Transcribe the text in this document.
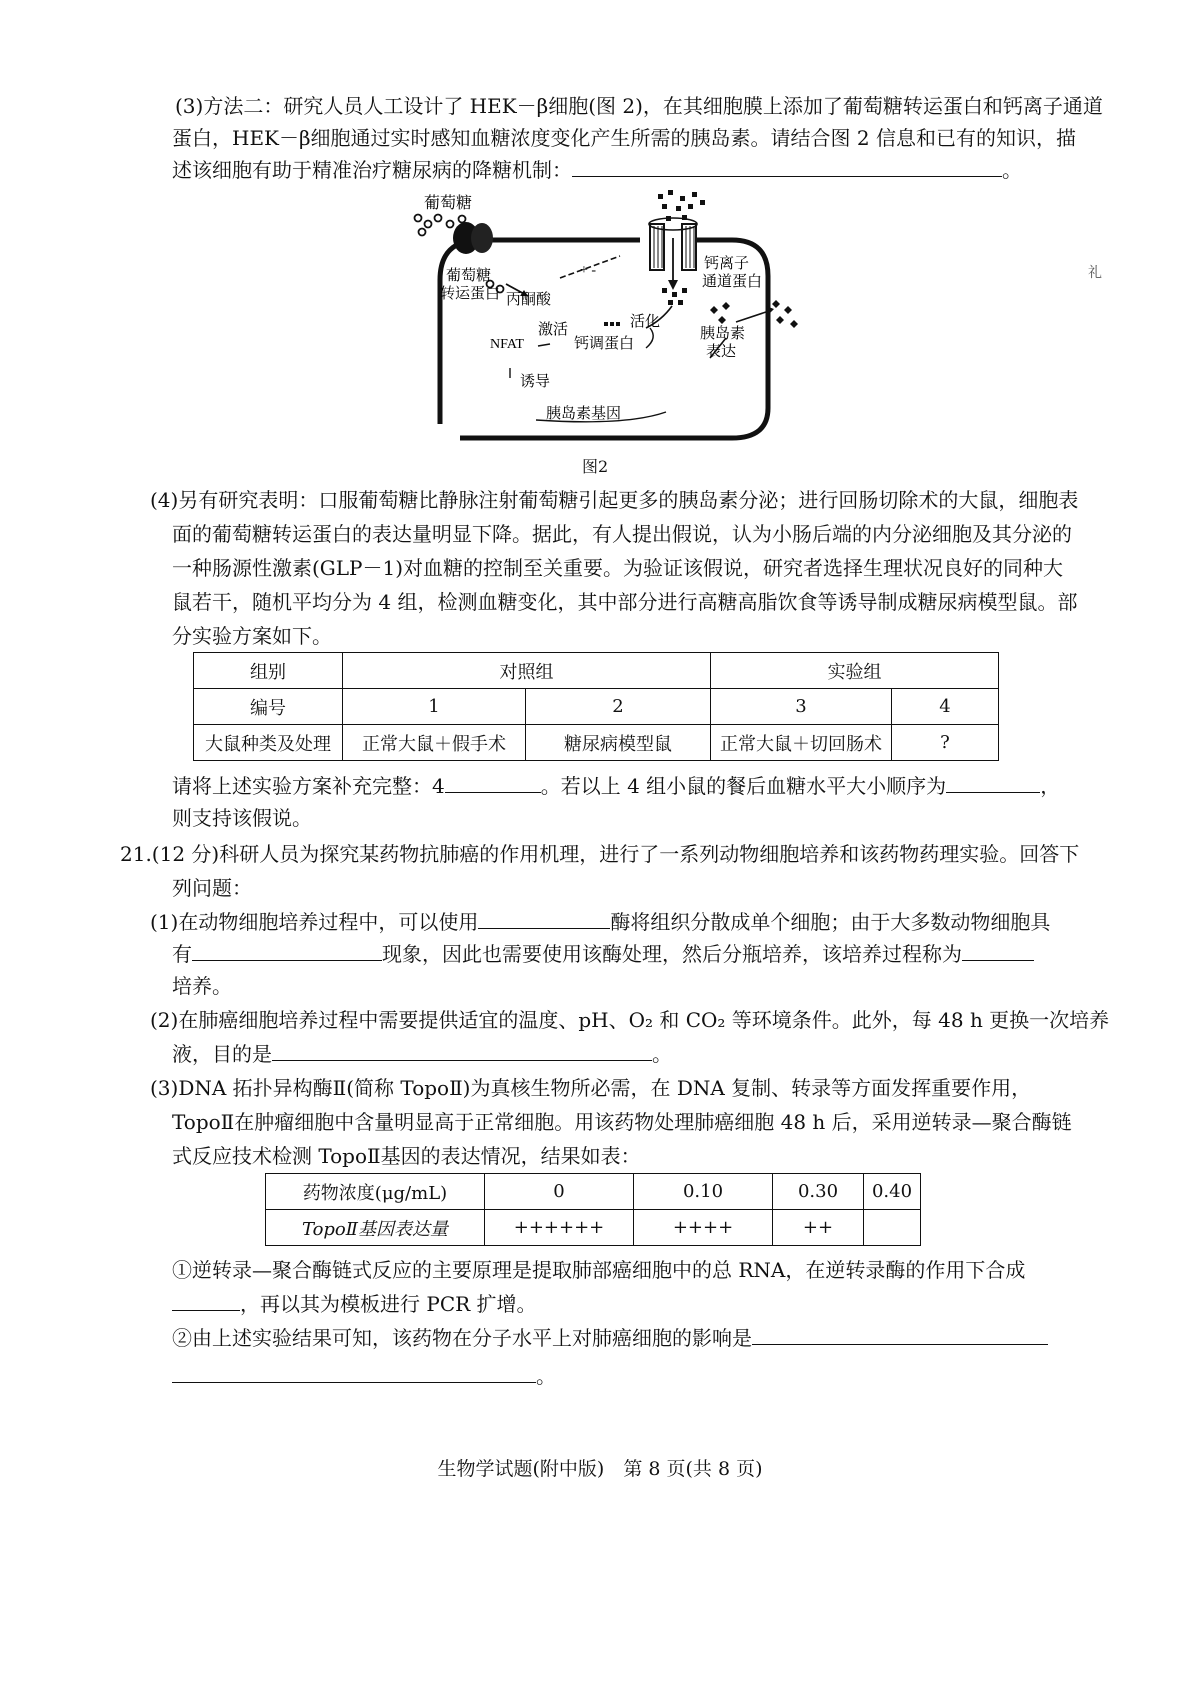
(3)方法二：研究人员人工设计了 HEK－β细胞(图 2)，在其细胞膜上添加了葡萄糖转运蛋白和钙离子通道
蛋白，HEK－β细胞通过实时感知血糖浓度变化产生所需的胰岛素。请结合图 2 信息和已有的知识，描
述该细胞有助于精准治疗糖尿病的降糖机制：	。
葡萄糖
葡萄糖
转运蛋白 丙酮酸
+ -	钙离子
通道蛋白
激活	活化
NFAT	钙调蛋白
胰岛素
表达
诱导
胰岛素基因
图2
礼
(4)另有研究表明：口服葡萄糖比静脉注射葡萄糖引起更多的胰岛素分泌；进行回肠切除术的大鼠，细胞表
面的葡萄糖转运蛋白的表达量明显下降。据此，有人提出假说，认为小肠后端的内分泌细胞及其分泌的
一种肠源性激素(GLP－1)对血糖的控制至关重要。为验证该假说，研究者选择生理状况良好的同种大
鼠若干，随机平均分为 4 组，检测血糖变化，其中部分进行高糖高脂饮食等诱导制成糖尿病模型鼠。部
分实验方案如下。
组别	对照组		实验组	
编号	1	2	3	4
大鼠种类及处理	正常大鼠＋假手术	糖尿病模型鼠	正常大鼠＋切回肠术	?
请将上述实验方案补充完整：4	。若以上 4 组小鼠的餐后血糖水平大小顺序为	，
则支持该假说。
21.(12 分)科研人员为探究某药物抗肺癌的作用机理，进行了一系列动物细胞培养和该药物药理实验。回答下
列问题：
(1)在动物细胞培养过程中，可以使用	酶将组织分散成单个细胞；由于大多数动物细胞具
有	现象，因此也需要使用该酶处理，然后分瓶培养，该培养过程称为
培养。
(2)在肺癌细胞培养过程中需要提供适宜的温度、pH、O₂ 和 CO₂ 等环境条件。此外，每 48 h 更换一次培养
液，目的是	。
(3)DNA 拓扑异构酶Ⅱ(简称 TopoⅡ)为真核生物所必需，在 DNA 复制、转录等方面发挥重要作用，
TopoⅡ在肿瘤细胞中含量明显高于正常细胞。用该药物处理肺癌细胞 48 h 后，采用逆转录—聚合酶链
式反应技术检测 TopoⅡ基因的表达情况，结果如表：
药物浓度(μg/mL)	0	0.10	0.30	0.40
TopoⅡ基因表达量	++++++	++++	++	
①逆转录—聚合酶链式反应的主要原理是提取肺部癌细胞中的总 RNA，在逆转录酶的作用下合成
，再以其为模板进行 PCR 扩增。
②由上述实验结果可知，该药物在分子水平上对肺癌细胞的影响是
。
生物学试题(附中版)　第 8 页(共 8 页)
